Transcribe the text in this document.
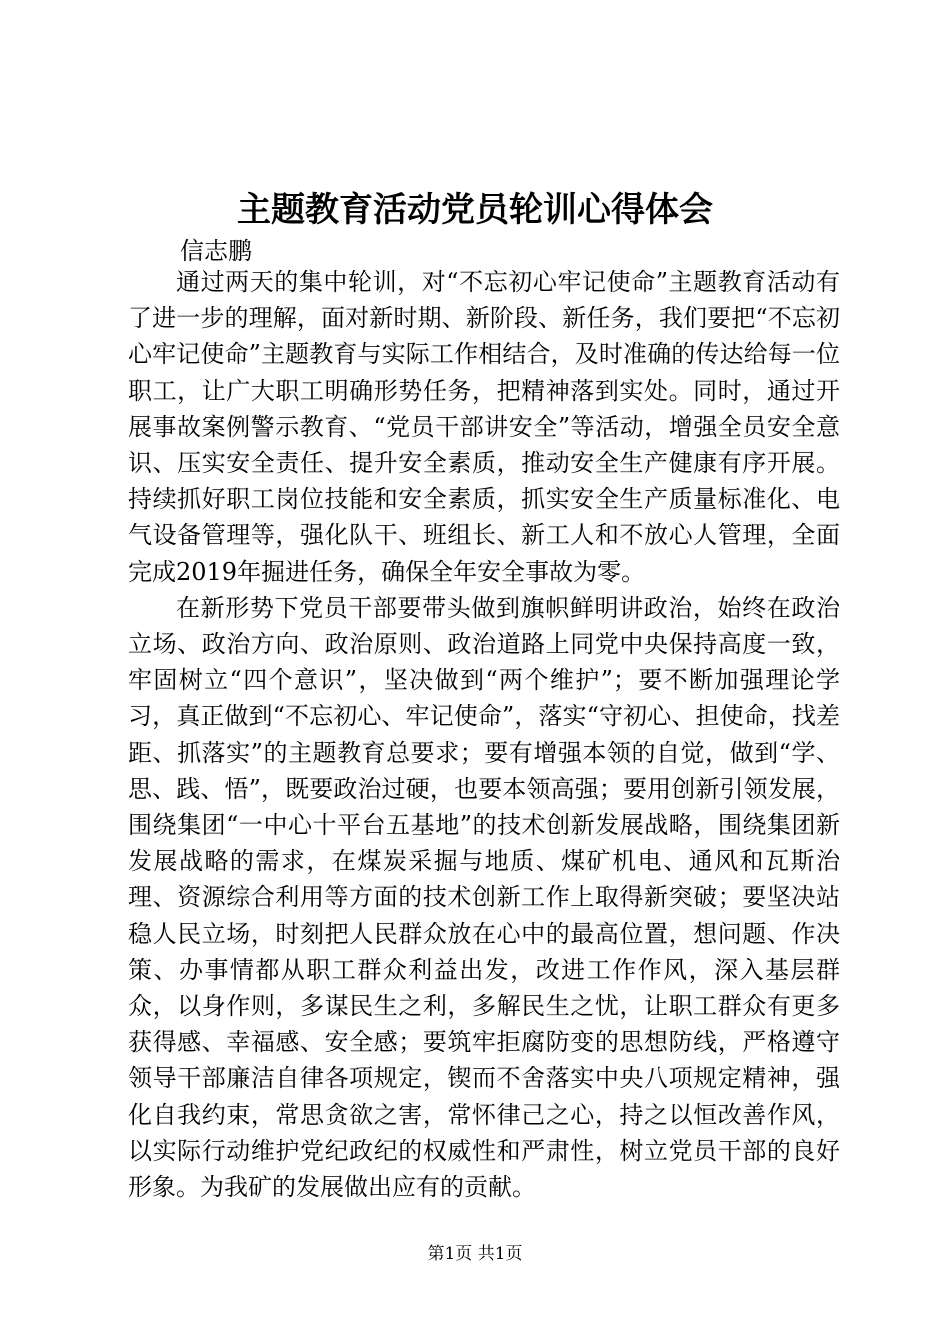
主题教育活动党员轮训心得体会
信志鹏

通过两天的集中轮训，对“不忘初心牢记使命”主题教育活动有了进一步的理解，面对新时期、新阶段、新任务，我们要把“不忘初心牢记使命”主题教育与实际工作相结合，及时准确的传达给每一位职工，让广大职工明确形势任务，把精神落到实处。同时，通过开展事故案例警示教育、“党员干部讲安全”等活动，增强全员安全意识、压实安全责任、提升安全素质，推动安全生产健康有序开展。持续抓好职工岗位技能和安全素质，抓实安全生产质量标准化、电气设备管理等，强化队干、班组长、新工人和不放心人管理，全面完成2019年掘进任务，确保全年安全事故为零。

在新形势下党员干部要带头做到旗帜鲜明讲政治，始终在政治立场、政治方向、政治原则、政治道路上同党中央保持高度一致，牢固树立“四个意识”，坚决做到“两个维护”；要不断加强理论学习，真正做到“不忘初心、牢记使命”，落实“守初心、担使命，找差距、抓落实”的主题教育总要求；要有增强本领的自觉，做到“学、思、践、悟”，既要政治过硬，也要本领高强；要用创新引领发展，围绕集团“一中心十平台五基地”的技术创新发展战略，围绕集团新发展战略的需求，在煤炭采掘与地质、煤矿机电、通风和瓦斯治理、资源综合利用等方面的技术创新工作上取得新突破；要坚决站稳人民立场，时刻把人民群众放在心中的最高位置，想问题、作决策、办事情都从职工群众利益出发，改进工作作风，深入基层群众，以身作则，多谋民生之利，多解民生之忧，让职工群众有更多获得感、幸福感、安全感；要筑牢拒腐防变的思想防线，严格遵守领导干部廉洁自律各项规定，锲而不舍落实中央八项规定精神，强化自我约束，常思贪欲之害，常怀律己之心，持之以恒改善作风，以实际行动维护党纪政纪的权威性和严肃性，树立党员干部的良好形象。为我矿的发展做出应有的贡献。

第1页 共1页
